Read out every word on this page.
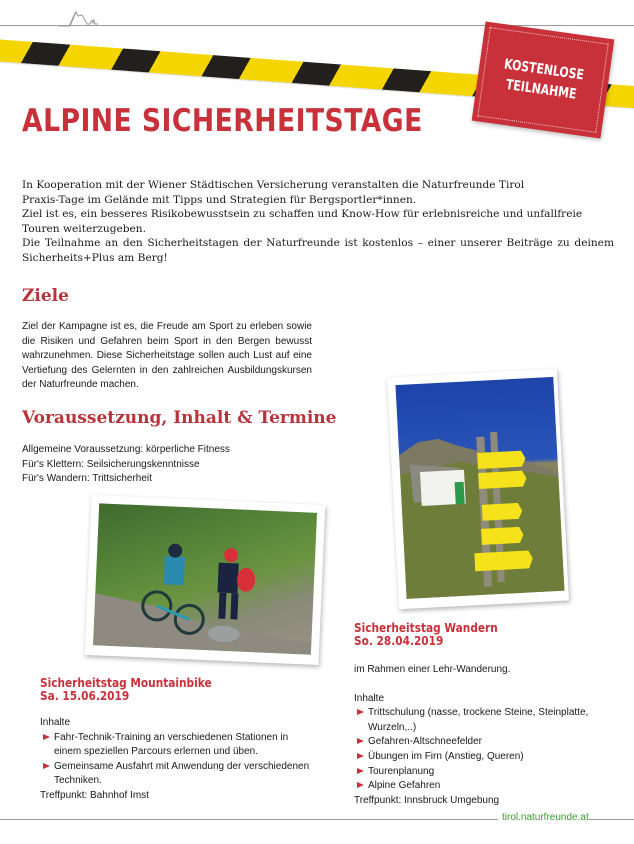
KOSTENLOSE
TEILNAHME
ALPINE SICHERHEITSTAGE

In Kooperation mit der Wiener Städtischen Versicherung veranstalten die Naturfreunde Tirol

Praxis-Tage im Gelände mit Tipps und Strategien für Bergsportler*innen.

Ziel ist es, ein besseres Risikobewusstsein zu schaffen und Know-How für erlebnisreiche und unfallfreie Touren weiterzugeben.

Die Teilnahme an den Sicherheitstagen der Naturfreunde ist kostenlos – einer unserer Beiträge zu deinem Sicherheits+Plus am Berg!

Ziele

Ziel der Kampagne ist es, die Freude am Sport zu erleben sowie die Risiken und Gefahren beim Sport in den Bergen bewusst wahrzunehmen. Diese Sicherheitstage sollen auch Lust auf eine Vertiefung des Gelernten in den zahlreichen Ausbildungskursen der Naturfreunde machen.

Voraussetzung, Inhalt & Termine
Allgemeine Voraussetzung: körperliche Fitness
Für's Klettern: Seilsicherungskenntnisse
Für's Wandern: Trittsicherheit
Sicherheitstag Wandern
So. 28.04.2019
im Rahmen einer Lehr-Wanderung.
Inhalte
Trittschulung (nasse, trockene Steine, Steinplatte, Wurzeln,..)
Gefahren-Altschneefelder
Übungen im Firn (Anstieg, Queren)
Tourenplanung
Alpine Gefahren
Treffpunkt: Innsbruck Umgebung
Sicherheitstag Mountainbike
Sa. 15.06.2019
Inhalte
Fahr-Technik-Training an verschiedenen Stationen in einem speziellen Parcours erlernen und üben.
Gemeinsame Ausfahrt mit Anwendung der verschiedenen Techniken.
Treffpunkt: Bahnhof Imst
tirol.naturfreunde.at
